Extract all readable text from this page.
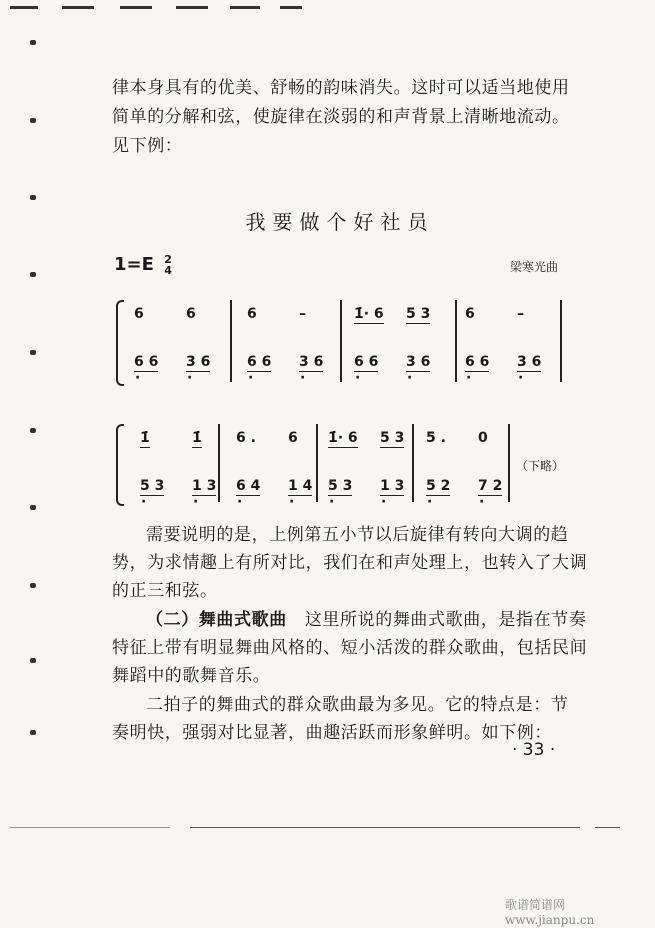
律本身具有的优美、舒畅的韵味消失。这时可以适当地使用
简单的分解和弦，使旋律在淡弱的和声背景上清晰地流动。
见下例：
我要做个好社员
1=E 2
4	梁寒光曲
6	6	6	–	1̇· 6	5 3	6	–
6 6 ·	3 6 ·	6 6 ·	3 6 ·	6 6 ·	3 6 ·	6 6 ·	3 6 ·
1̇	1̇	6 .	6	1̇· 6	5 3	5 .	0
5 3 ·	1 3 ·	6 4 ·	1 4 ·	5 3 ·	1 3 ·	5 2 ·	7 2 ·
（下略）
需要说明的是，上例第五小节以后旋律有转向大调的趋
势，为求情趣上有所对比，我们在和声处理上，也转入了大调
的正三和弦。
（二）舞曲式歌曲 这里所说的舞曲式歌曲，是指在节奏
特征上带有明显舞曲风格的、短小活泼的群众歌曲，包括民间
舞蹈中的歌舞音乐。
二拍子的舞曲式的群众歌曲最为多见。它的特点是：节
奏明快，强弱对比显著，曲趣活跃而形象鲜明。如下例：
· 33 ·
歌谱简谱网 www.jianpu.cn
